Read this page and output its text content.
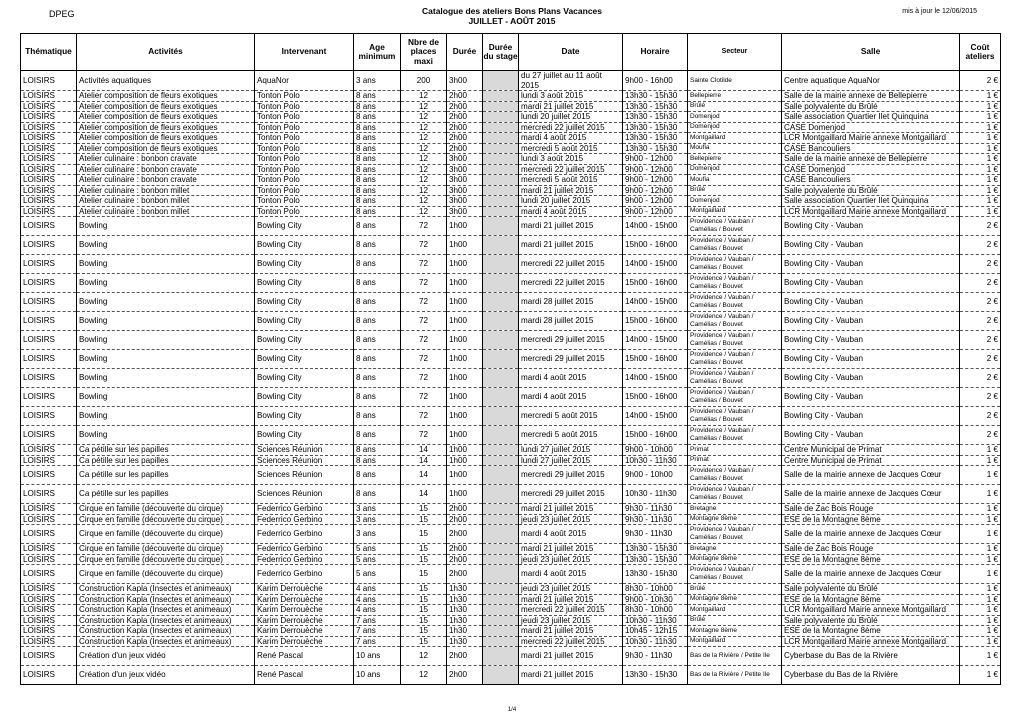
DPEG	Catalogue des ateliers Bons Plans Vacances
JUILLET - AOÛT 2015
mis à jour le 12/06/2015
Thématique	Activités	Intervenant	Age minimum	Nbre de places maxi	Durée	Durée du stage	Date	Horaire	Secteur	Salle	Coût ateliers
LOISIRS	Activités aquatiques	AquaNor	3 ans	200	3h00		du 27 juillet au 11 août 2015	9h00 - 16h00	Sainte Clotilde	Centre aquatique AquaNor	2 €
LOISIRS	Atelier composition de fleurs exotiques	Tonton Polo	8 ans	12	2h00		lundi 3 août 2015	13h30 - 15h30	Bellepierre	Salle de la mairie annexe de Bellepierre	1 €
LOISIRS	Atelier composition de fleurs exotiques	Tonton Polo	8 ans	12	2h00		mardi 21 juillet 2015	13h30 - 15h30	Brûlé	Salle polyvalente du Brûlé	1 €
LOISIRS	Atelier composition de fleurs exotiques	Tonton Polo	8 ans	12	2h00		lundi 20 juillet 2015	13h30 - 15h30	Domenjod	Salle association Quartier Ilet Quinquina	1 €
LOISIRS	Atelier composition de fleurs exotiques	Tonton Polo	8 ans	12	2h00		mercredi 22 juillet 2015	13h30 - 15h30	Domenjod	CASE Domenjod	1 €
LOISIRS	Atelier composition de fleurs exotiques	Tonton Polo	8 ans	12	2h00		mardi 4 août 2015	13h30 - 15h30	Montgaillard	LCR Montgaillard Mairie annexe Montgaillard	1 €
LOISIRS	Atelier composition de fleurs exotiques	Tonton Polo	8 ans	12	2h00		mercredi 5 août 2015	13h30 - 15h30	Moufia	CASE Bancouliers	1 €
LOISIRS	Atelier culinaire : bonbon cravate	Tonton Polo	8 ans	12	3h00		lundi 3 août 2015	9h00 - 12h00	Bellepierre	Salle de la mairie annexe de Bellepierre	1 €
LOISIRS	Atelier culinaire : bonbon cravate	Tonton Polo	8 ans	12	3h00		mercredi 22 juillet 2015	9h00 - 12h00	Domenjod	CASE Domenjod	1 €
LOISIRS	Atelier culinaire : bonbon cravate	Tonton Polo	8 ans	12	3h00		mercredi 5 août 2015	9h00 - 12h00	Moufia	CASE Bancouliers	1 €
LOISIRS	Atelier culinaire : bonbon millet	Tonton Polo	8 ans	12	3h00		mardi 21 juillet 2015	9h00 - 12h00	Brûlé	Salle polyvalente du Brûlé	1 €
LOISIRS	Atelier culinaire : bonbon millet	Tonton Polo	8 ans	12	3h00		lundi 20 juillet 2015	9h00 - 12h00	Domenjod	Salle association Quartier Ilet Quinquina	1 €
LOISIRS	Atelier culinaire : bonbon millet	Tonton Polo	8 ans	12	3h00		mardi 4 août 2015	9h00 - 12h00	Montgaillard	LCR Montgaillard Mairie annexe Montgaillard	1 €
LOISIRS	Bowling	Bowling City	8 ans	72	1h00		mardi 21 juillet 2015	14h00 - 15h00	Providence / Vauban / Camélias / Bouvet	Bowling City - Vauban	2 €
LOISIRS	Bowling	Bowling City	8 ans	72	1h00		mardi 21 juillet 2015	15h00 - 16h00	Providence / Vauban / Camélias / Bouvet	Bowling City - Vauban	2 €
LOISIRS	Bowling	Bowling City	8 ans	72	1h00		mercredi 22 juillet 2015	14h00 - 15h00	Providence / Vauban / Camélias / Bouvet	Bowling City - Vauban	2 €
LOISIRS	Bowling	Bowling City	8 ans	72	1h00		mercredi 22 juillet 2015	15h00 - 16h00	Providence / Vauban / Camélias / Bouvet	Bowling City - Vauban	2 €
LOISIRS	Bowling	Bowling City	8 ans	72	1h00		mardi 28 juillet 2015	14h00 - 15h00	Providence / Vauban / Camélias / Bouvet	Bowling City - Vauban	2 €
LOISIRS	Bowling	Bowling City	8 ans	72	1h00		mardi 28 juillet 2015	15h00 - 16h00	Providence / Vauban / Camélias / Bouvet	Bowling City - Vauban	2 €
LOISIRS	Bowling	Bowling City	8 ans	72	1h00		mercredi 29 juillet 2015	14h00 - 15h00	Providence / Vauban / Camélias / Bouvet	Bowling City - Vauban	2 €
LOISIRS	Bowling	Bowling City	8 ans	72	1h00		mercredi 29 juillet 2015	15h00 - 16h00	Providence / Vauban / Camélias / Bouvet	Bowling City - Vauban	2 €
LOISIRS	Bowling	Bowling City	8 ans	72	1h00		mardi 4 août 2015	14h00 - 15h00	Providence / Vauban / Camélias / Bouvet	Bowling City - Vauban	2 €
LOISIRS	Bowling	Bowling City	8 ans	72	1h00		mardi 4 août 2015	15h00 - 16h00	Providence / Vauban / Camélias / Bouvet	Bowling City - Vauban	2 €
LOISIRS	Bowling	Bowling City	8 ans	72	1h00		mercredi 5 août 2015	14h00 - 15h00	Providence / Vauban / Camélias / Bouvet	Bowling City - Vauban	2 €
LOISIRS	Bowling	Bowling City	8 ans	72	1h00		mercredi 5 août 2015	15h00 - 16h00	Providence / Vauban / Camélias / Bouvet	Bowling City - Vauban	2 €
LOISIRS	Ca pétille sur les papilles	Sciences Réunion	8 ans	14	1h00		lundi 27 juillet 2015	9h00 - 10h00	Primat	Centre Municipal de Primat	1 €
LOISIRS	Ca pétille sur les papilles	Sciences Réunion	8 ans	14	1h00		lundi 27 juillet 2015	10h30 - 11h30	Primat	Centre Municipal de Primat	1 €
LOISIRS	Ca pétille sur les papilles	Sciences Réunion	8 ans	14	1h00		mercredi 29 juillet 2015	9h00 - 10h00	Providence / Vauban / Camélias / Bouvet	Salle de la mairie annexe de Jacques Cœur	1 €
LOISIRS	Ca pétille sur les papilles	Sciences Réunion	8 ans	14	1h00		mercredi 29 juillet 2015	10h30 - 11h30	Providence / Vauban / Camélias / Bouvet	Salle de la mairie annexe de Jacques Cœur	1 €
LOISIRS	Cirque en famille (découverte du cirque)	Federrico Gerbino	3 ans	15	2h00		mardi 21 juillet 2015	9h30 - 11h30	Bretagne	Salle de Zac Bois Rouge	1 €
LOISIRS	Cirque en famille (découverte du cirque)	Federrico Gerbino	3 ans	15	2h00		jeudi 23 juillet 2015	9h30 - 11h30	Montagne 8ème	ESE de la Montagne 8ème	1 €
LOISIRS	Cirque en famille (découverte du cirque)	Federrico Gerbino	3 ans	15	2h00		mardi 4 août 2015	9h30 - 11h30	Providence / Vauban / Camélias / Bouvet	Salle de la mairie annexe de Jacques Cœur	1 €
LOISIRS	Cirque en famille (découverte du cirque)	Federrico Gerbino	5 ans	15	2h00		mardi 21 juillet 2015	13h30 - 15h30	Bretagne	Salle de Zac Bois Rouge	1 €
LOISIRS	Cirque en famille (découverte du cirque)	Federrico Gerbino	5 ans	15	2h00		jeudi 23 juillet 2015	13h30 - 15h30	Montagne 8ème	ESE de la Montagne 8ème	1 €
LOISIRS	Cirque en famille (découverte du cirque)	Federrico Gerbino	5 ans	15	2h00		mardi 4 août 2015	13h30 - 15h30	Providence / Vauban / Camélias / Bouvet	Salle de la mairie annexe de Jacques Cœur	1 €
LOISIRS	Construction Kapla (Insectes et animeaux)	Karim Derrouèche	4 ans	15	1h30		jeudi 23 juillet 2015	8h30 - 10h00	Brûlé	Salle polyvalente du Brûlé	1 €
LOISIRS	Construction Kapla (Insectes et animeaux)	Karim Derrouèche	4 ans	15	1h30		mardi 21 juillet 2015	9h00 - 10h30	Montagne 8ème	ESE de la Montagne 8ème	1 €
LOISIRS	Construction Kapla (Insectes et animeaux)	Karim Derrouèche	4 ans	15	1h30		mercredi 22 juillet 2015	8h30 - 10h00	Montgaillard	LCR Montgaillard Mairie annexe Montgaillard	1 €
LOISIRS	Construction Kapla (Insectes et animeaux)	Karim Derrouèche	7 ans	15	1h30		jeudi 23 juillet 2015	10h30 - 11h30	Brûlé	Salle polyvalente du Brûlé	1 €
LOISIRS	Construction Kapla (Insectes et animeaux)	Karim Derrouèche	7 ans	15	1h30		mardi 21 juillet 2015	10h45 - 12h15	Montagne 8ème	ESE de la Montagne 8ème	1 €
LOISIRS	Construction Kapla (Insectes et animeaux)	Karim Derrouèche	7 ans	15	1h30		mercredi 22 juillet 2015	10h30 - 11h30	Montgaillard	LCR Montgaillard Mairie annexe Montgaillard	1 €
LOISIRS	Création d'un jeux vidéo	René Pascal	10 ans	12	2h00		mardi 21 juillet 2015	9h30 - 11h30	Bas de la Rivière / Petite Ile	Cyberbase du Bas de la Rivière	1 €
LOISIRS	Création d'un jeux vidéo	René Pascal	10 ans	12	2h00		mardi 21 juillet 2015	13h30 - 15h30	Bas de la Rivière / Petite Ile	Cyberbase du Bas de la Rivière	1 €
1/4
